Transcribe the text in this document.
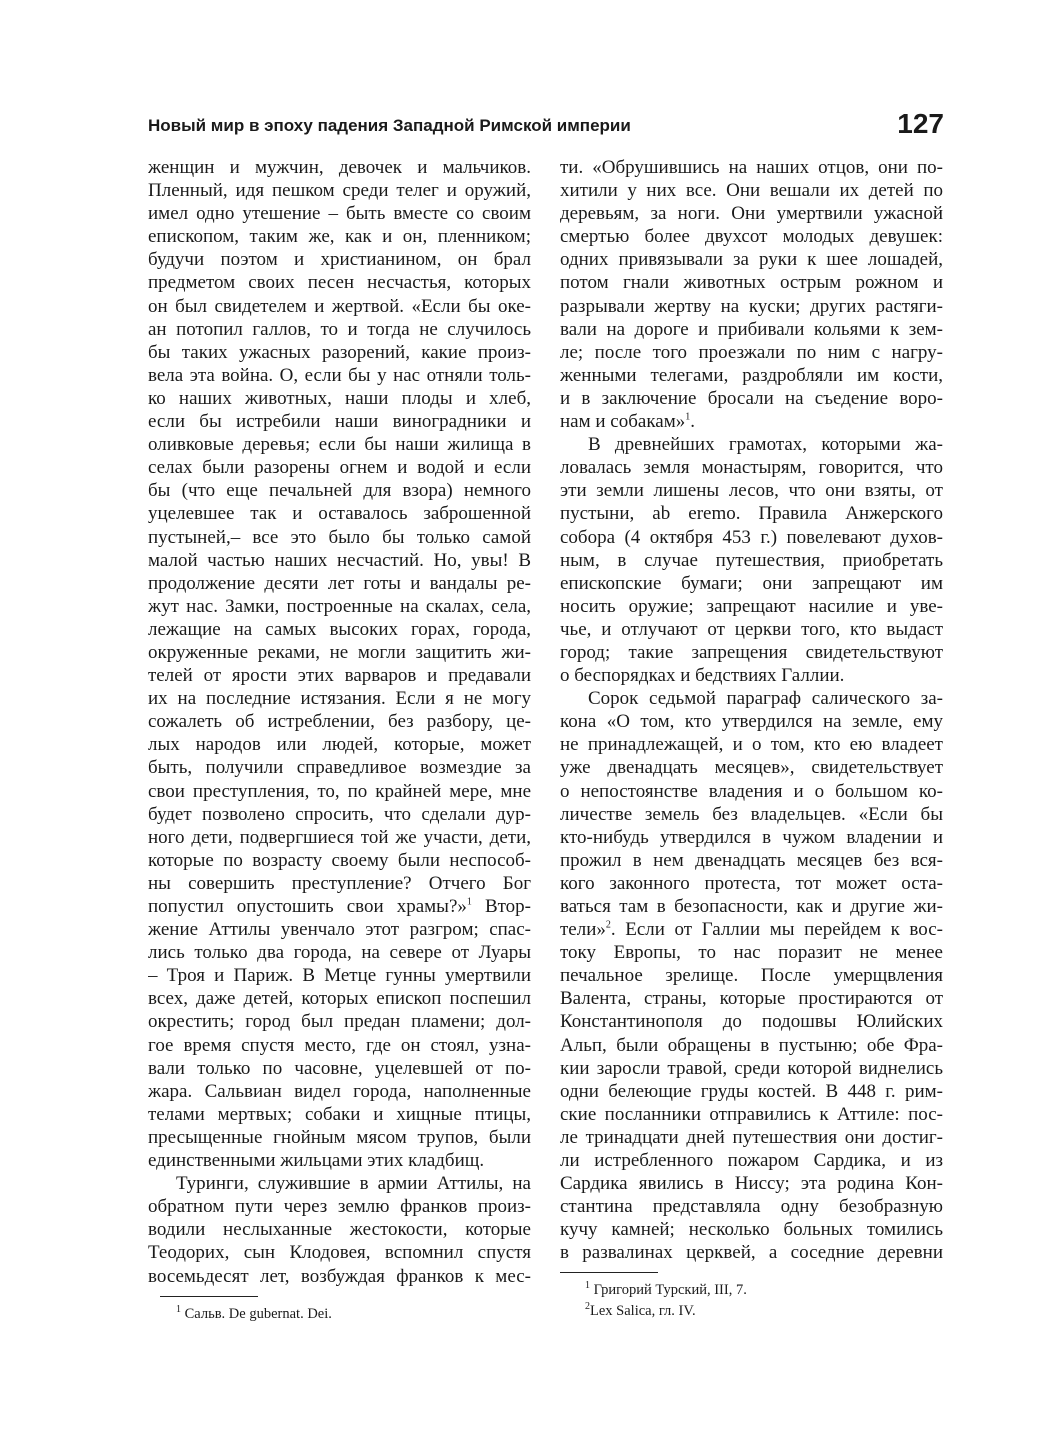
Новый мир в эпоху падения Западной Римской империи	127
женщин и мужчин, девочек и мальчиков.
Пленный, идя пешком среди телег и оружий,
имел одно утешение – быть вместе со своим
епископом, таким же, как и он, пленником;
будучи поэтом и христианином, он брал
предметом своих песен несчастья, которых
он был свидетелем и жертвой. «Если бы оке-
ан потопил галлов, то и тогда не случилось
бы таких ужасных разорений, какие произ-
вела эта война. О, если бы у нас отняли толь-
ко наших животных, наши плоды и хлеб,
если бы истребили наши виноградники и
оливковые деревья; если бы наши жилища в
селах были разорены огнем и водой и если
бы (что еще печальней для взора) немного
уцелевшее так и оставалось заброшенной
пустыней,– все это было бы только самой
малой частью наших несчастий. Но, увы! В
продолжение десяти лет готы и вандалы ре-
жут нас. Замки, построенные на скалах, села,
лежащие на самых высоких горах, города,
окруженные реками, не могли защитить жи-
телей от ярости этих варваров и предавали
их на последние истязания. Если я не могу
сожалеть об истреблении, без разбору, це-
лых народов или людей, которые, может
быть, получили справедливое возмездие за
свои преступления, то, по крайней мере, мне
будет позволено спросить, что сделали дур-
ного дети, подвергшиеся той же участи, дети,
которые по возрасту своему были неспособ-
ны совершить преступление? Отчего Бог
попустил опустошить свои храмы?»$^1$ Втор-
жение Аттилы увенчало этот разгром; спас-
лись только два города, на севере от Луары
– Троя и Париж. В Метце гунны умертвили
всех, даже детей, которых епископ поспешил
окрестить; город был предан пламени; дол-
гое время спустя место, где он стоял, узна-
вали только по часовне, уцелевшей от по-
жара. Сальвиан видел города, наполненные
телами мертвых; собаки и хищные птицы,
пресыщенные гнойным мясом трупов, были
единственными жильцами этих кладбищ.
Туринги, служившие в армии Аттилы, на
обратном пути через землю франков произ-
водили неслыханные жестокости, которые
Теодорих, сын Клодовея, вспомнил спустя
восемьдесят лет, возбуждая франков к мес-
ти. «Обрушившись на наших отцов, они по-
хитили у них все. Они вешали их детей по
деревьям, за ноги. Они умертвили ужасной
смертью более двухсот молодых девушек:
одних привязывали за руки к шее лошадей,
потом гнали животных острым рожном и
разрывали жертву на куски; других растяги-
вали на дороге и прибивали кольями к зем-
ле; после того проезжали по ним с нагру-
женными телегами, раздробляли им кости,
и в заключение бросали на съедение воро-
нам и собакам»$^1$.
В древнейших грамотах, которыми жа-
ловалась земля монастырям, говорится, что
эти земли лишены лесов, что они взяты, от
пустыни, ab eremo. Правила Анжерского
собора (4 октября 453 г.) повелевают духов-
ным, в случае путешествия, приобретать
епископские бумаги; они запрещают им
носить оружие; запрещают насилие и уве-
чье, и отлучают от церкви того, кто выдаст
город; такие запрещения свидетельствуют
о беспорядках и бедствиях Галлии.
Сорок седьмой параграф салического за-
кона «О том, кто утвердился на земле, ему
не принадлежащей, и о том, кто ею владеет
уже двенадцать месяцев», свидетельствует
о непостоянстве владения и о большом ко-
личестве земель без владельцев. «Если бы
кто-нибудь утвердился в чужом владении и
прожил в нем двенадцать месяцев без вся-
кого законного протеста, тот может оста-
ваться там в безопасности, как и другие жи-
тели»$^2$. Если от Галлии мы перейдем к вос-
току Европы, то нас поразит не менее
печальное зрелище. После умерщвления
Валента, страны, которые простираются от
Константинополя до подошвы Юлийских
Альп, были обращены в пустыню; обе Фра-
кии заросли травой, среди которой виднелись
одни белеющие груды костей. В 448 г. рим-
ские посланники отправились к Аттиле: пос-
ле тринадцати дней путешествия они достиг-
ли истребленного пожаром Сардика, и из
Сардика явились в Ниссу; эта родина Кон-
стантина представляла одну безобразную
кучу камней; несколько больных томились
в развалинах церквей, а соседние деревни
$^1$ Сальв. De gubernat. Dei.
$^1$ Григорий Турский, III, 7.
$^2$Lex Salica, гл. IV.
